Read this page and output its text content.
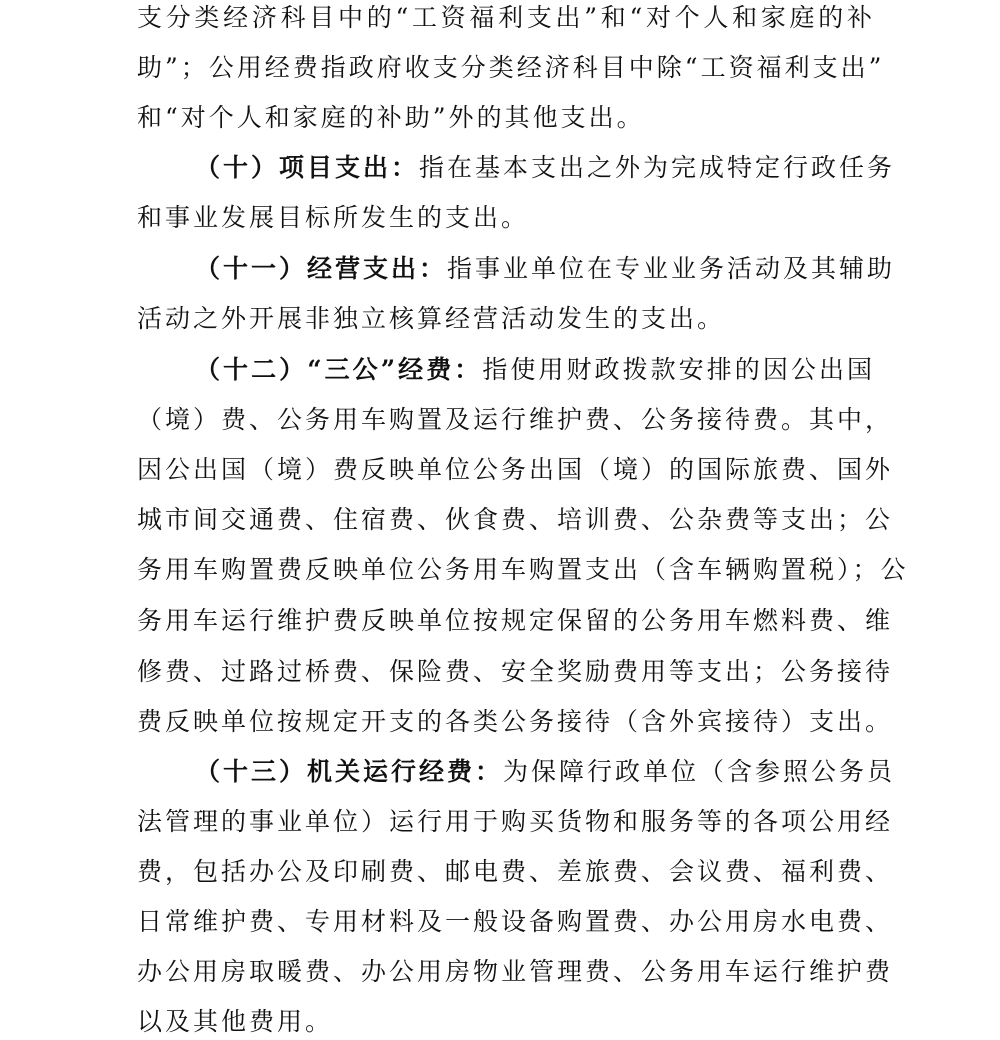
支分类经济科目中的“工资福利支出”和“对个人和家庭的补
助”；公用经费指政府收支分类经济科目中除“工资福利支出”
和“对个人和家庭的补助”外的其他支出。
（十）项目支出：指在基本支出之外为完成特定行政任务
和事业发展目标所发生的支出。
（十一）经营支出：指事业单位在专业业务活动及其辅助
活动之外开展非独立核算经营活动发生的支出。
（十二）“三公”经费：指使用财政拨款安排的因公出国
（境）费、公务用车购置及运行维护费、公务接待费。其中，
因公出国（境）费反映单位公务出国（境）的国际旅费、国外
城市间交通费、住宿费、伙食费、培训费、公杂费等支出；公
务用车购置费反映单位公务用车购置支出（含车辆购置税）；公
务用车运行维护费反映单位按规定保留的公务用车燃料费、维
修费、过路过桥费、保险费、安全奖励费用等支出；公务接待
费反映单位按规定开支的各类公务接待（含外宾接待）支出。
（十三）机关运行经费：为保障行政单位（含参照公务员
法管理的事业单位）运行用于购买货物和服务等的各项公用经
费，包括办公及印刷费、邮电费、差旅费、会议费、福利费、
日常维护费、专用材料及一般设备购置费、办公用房水电费、
办公用房取暖费、办公用房物业管理费、公务用车运行维护费
以及其他费用。
